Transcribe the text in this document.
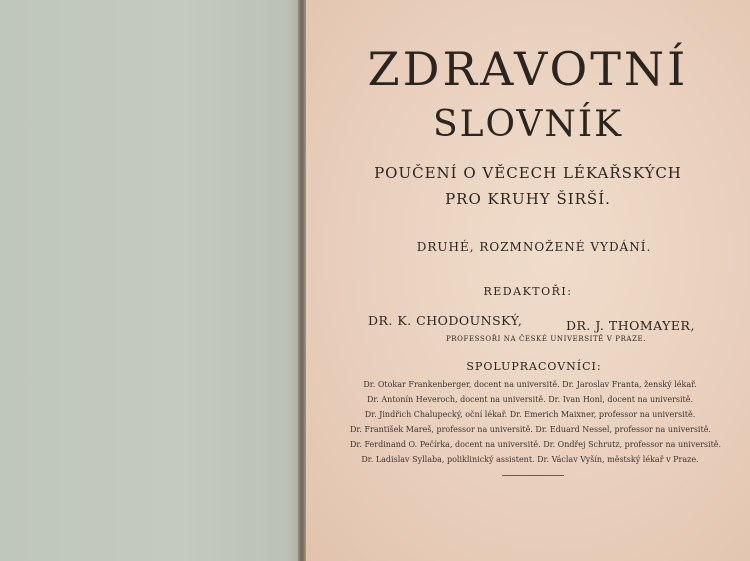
ZDRAVOTNÍ
SLOVNÍK
POUČENÍ O VĚCECH LÉKAŘSKÝCH
PRO KRUHY ŠIRŠÍ.
DRUHÉ, ROZMNOŽENÉ VYDÁNÍ.
REDAKTOŘI:
DR. K. CHODOUNSKÝ,	DR. J. THOMAYER,
PROFESSOŘI NA ČESKÉ UNIVERSITĚ V PRAZE.
SPOLUPRACOVNÍCI:
Dr. Otokar Frankenberger, docent na universitě. Dr. Jaroslav Franta, ženský lékař.
Dr. Antonín Heveroch, docent na universitě. Dr. Ivan Honl, docent na universitě.
Dr. Jindřich Chalupecký, oční lékař. Dr. Emerich Maixner, professor na universitě.
Dr. František Mareš, professor na universitě. Dr. Eduard Nessel, professor na universitě.
Dr. Ferdinand O. Pečírka, docent na universitě. Dr. Ondřej Schrutz, professor na universitě.
Dr. Ladislav Syllaba, poliklinický assistent. Dr. Václav Vyšín, městský lékař v Praze.
